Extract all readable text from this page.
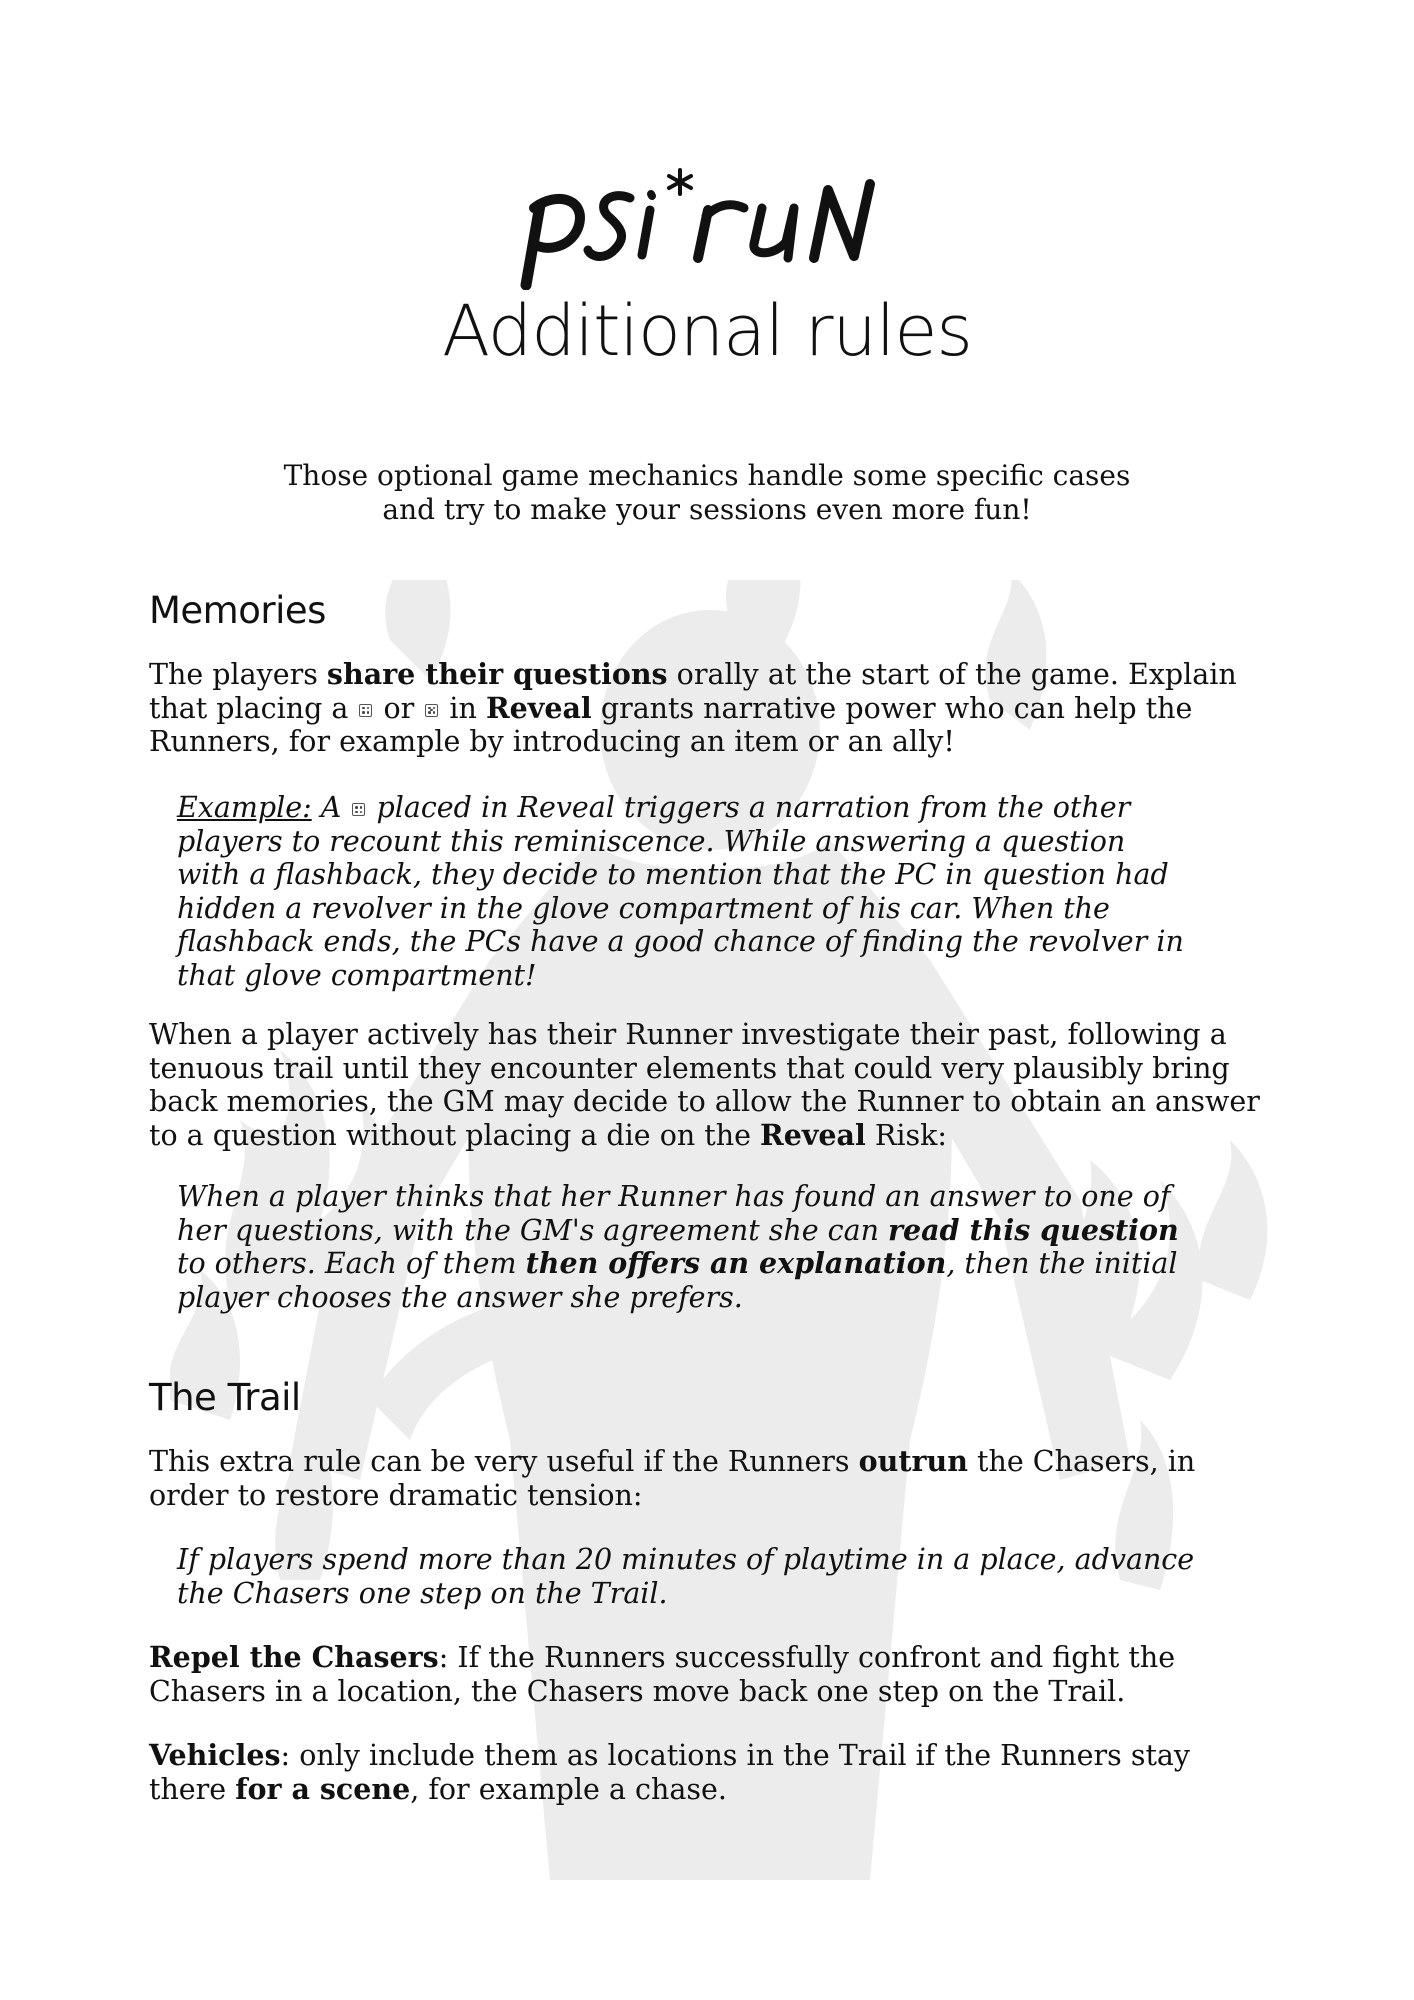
Additional rules
Those optional game mechanics handle some specific cases
and try to make your sessions even more fun!
Memories
The players share their questions orally at the start of the game. Explain
that placing a
or
in Reveal grants narrative power who can help the
Runners, for example by introducing an item or an ally!
Example: A
placed in Reveal triggers a narration from the other
players to recount this reminiscence. While answering a question
with a flashback, they decide to mention that the PC in question had
hidden a revolver in the glove compartment of his car. When the
flashback ends, the PCs have a good chance of finding the revolver in
that glove compartment!
When a player actively has their Runner investigate their past, following a
tenuous trail until they encounter elements that could very plausibly bring
back memories, the GM may decide to allow the Runner to obtain an answer
to a question without placing a die on the Reveal Risk:
When a player thinks that her Runner has found an answer to one of
her questions, with the GM's agreement she can read this question
to others. Each of them then offers an explanation, then the initial
player chooses the answer she prefers.
The Trail
This extra rule can be very useful if the Runners outrun the Chasers, in
order to restore dramatic tension:
If players spend more than 20 minutes of playtime in a place, advance
the Chasers one step on the Trail.
Repel the Chasers: If the Runners successfully confront and fight the
Chasers in a location, the Chasers move back one step on the Trail.
Vehicles: only include them as locations in the Trail if the Runners stay
there for a scene, for example a chase.
